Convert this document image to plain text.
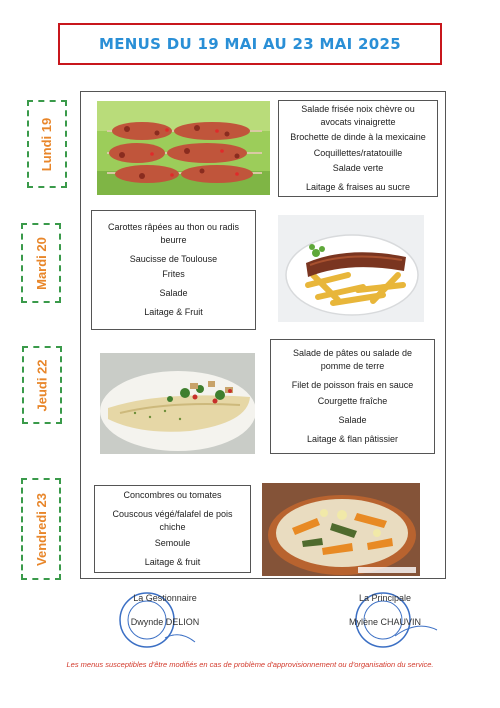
MENUS DU 19 MAI AU 23 MAI 2025
Lundi 19
Mardi 20
Jeudi 22
Vendredi 23
Salade frisée noix chèvre ou avocats vinaigrette
Brochette de dinde à la mexicaine
Coquillettes/ratatouille
Salade verte
Laitage & fraises au sucre
Carottes râpées au thon ou radis beurre
Saucisse de Toulouse
Frites
Salade
Laitage & Fruit
Salade de pâtes ou salade de pomme de terre
Filet de poisson frais en sauce
Courgette fraîche
Salade
Laitage & flan pâtissier
Concombres ou tomates
Couscous végé/falafel de pois chiche
Semoule
Laitage & fruit
La Gestionnaire
Dwynde DELION
La Principale
Mylène CHAUVIN
Les menus susceptibles d'être modifiés en cas de problème d'approvisionnement ou d'organisation du service.
